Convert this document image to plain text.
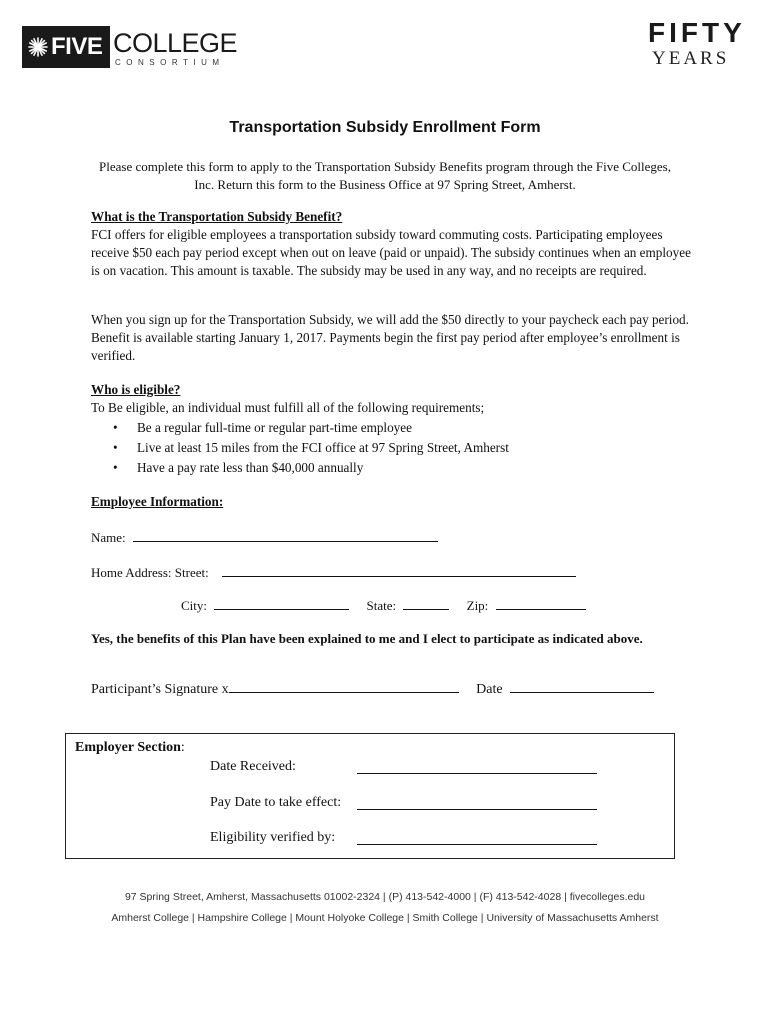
FIVE COLLEGE
CONSORTIUM
FIFTY
YEARS
Transportation Subsidy Enrollment Form
Please complete this form to apply to the Transportation Subsidy Benefits program through the Five Colleges, Inc. Return this form to the Business Office at 97 Spring Street, Amherst.
What is the Transportation Subsidy Benefit?
FCI offers for eligible employees a transportation subsidy toward commuting costs. Participating employees receive $50 each pay period except when out on leave (paid or unpaid). The subsidy continues when an employee is on vacation. This amount is taxable. The subsidy may be used in any way, and no receipts are required.
When you sign up for the Transportation Subsidy, we will add the $50 directly to your paycheck each pay period. Benefit is available starting January 1, 2017. Payments begin the first pay period after employee’s enrollment is verified.
Who is eligible?
To Be eligible, an individual must fulfill all of the following requirements;
• Be a regular full-time or regular part-time employee
• Live at least 15 miles from the FCI office at 97 Spring Street, Amherst
• Have a pay rate less than $40,000 annually
Employee Information:
Name:
Home Address: Street:
City:	State:	Zip:
Yes, the benefits of this Plan have been explained to me and I elect to participate as indicated above.
Participant’s Signature x	Date
Employer Section:
Date Received:
Pay Date to take effect:
Eligibility verified by:
97 Spring Street, Amherst, Massachusetts 01002-2324 | (P) 413-542-4000 | (F) 413-542-4028 | fivecolleges.edu
Amherst College | Hampshire College | Mount Holyoke College | Smith College | University of Massachusetts Amherst
